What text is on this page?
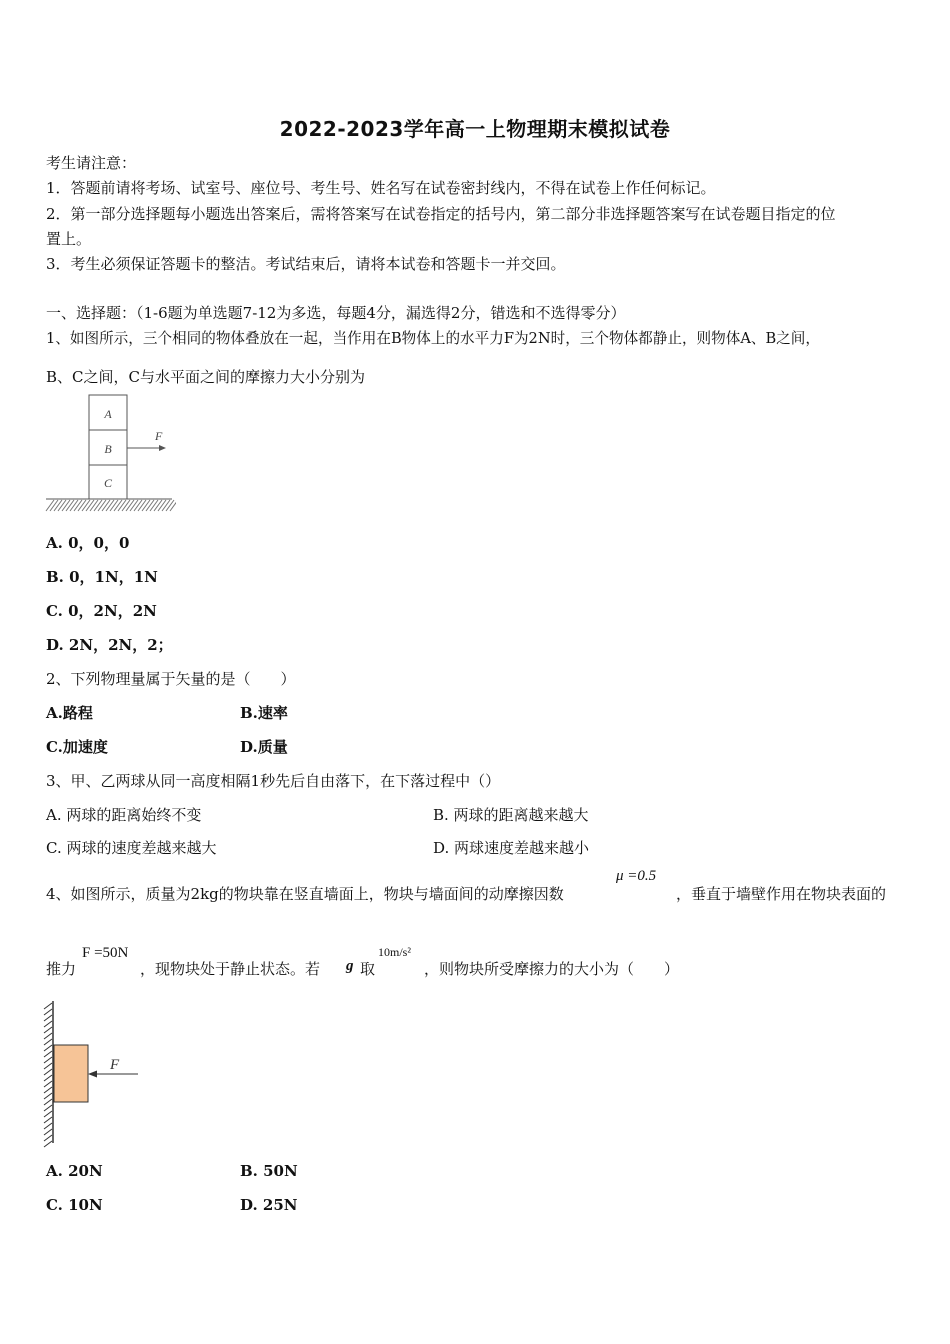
2022-2023学年高一上物理期末模拟试卷
考生请注意：
1．答题前请将考场、试室号、座位号、考生号、姓名写在试卷密封线内，不得在试卷上作任何标记。
2．第一部分选择题每小题选出答案后，需将答案写在试卷指定的括号内，第二部分非选择题答案写在试卷题目指定的位
置上。
3．考生必须保证答题卡的整洁。考试结束后，请将本试卷和答题卡一并交回。
一、选择题：（1-6题为单选题7-12为多选，每题4分，漏选得2分，错选和不选得零分）
1、如图所示，三个相同的物体叠放在一起，当作用在B物体上的水平力F为2N时，三个物体都静止，则物体A、B之间，
B、C之间，C与水平面之间的摩擦力大小分别为
A
B
C
F
A. 0，0，0
B. 0，1N，1N
C. 0，2N，2N
D. 2N，2N，2；
2、下列物理量属于矢量的是（　　）
A.路程	B.速率
C.加速度	D.质量
3、甲、乙两球从同一高度相隔1秒先后自由落下，在下落过程中（）
A. 两球的距离始终不变	B. 两球的距离越来越大
C. 两球的速度差越来越大	D. 两球速度差越来越小
4、如图所示，质量为2kg的物块靠在竖直墙面上，物块与墙面间的动摩擦因数
μ =0.5
，垂直于墙壁作用在物块表面的
推力
F =50N
，现物块处于静止状态。若 g 取
10m/s²
，则物块所受摩擦力的大小为（　　）
F
A. 20N	B. 50N
C. 10N	D. 25N
